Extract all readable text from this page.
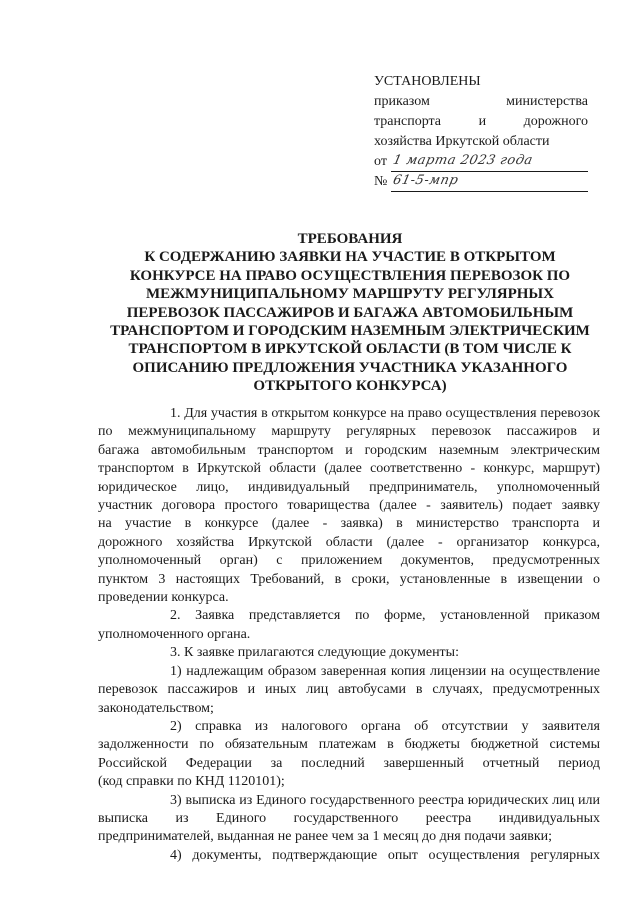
УСТАНОВЛЕНЫ
приказом министерства
транспорта и дорожного
хозяйства Иркутской области
от 1 марта 2023 года
№ 61-5-мпр
ТРЕБОВАНИЯ
К СОДЕРЖАНИЮ ЗАЯВКИ НА УЧАСТИЕ В ОТКРЫТОМ
КОНКУРСЕ НА ПРАВО ОСУЩЕСТВЛЕНИЯ ПЕРЕВОЗОК ПО
МЕЖМУНИЦИПАЛЬНОМУ МАРШРУТУ РЕГУЛЯРНЫХ
ПЕРЕВОЗОК ПАССАЖИРОВ И БАГАЖА АВТОМОБИЛЬНЫМ
ТРАНСПОРТОМ И ГОРОДСКИМ НАЗЕМНЫМ ЭЛЕКТРИЧЕСКИМ
ТРАНСПОРТОМ В ИРКУТСКОЙ ОБЛАСТИ (В ТОМ ЧИСЛЕ К
ОПИСАНИЮ ПРЕДЛОЖЕНИЯ УЧАСТНИКА УКАЗАННОГО
ОТКРЫТОГО КОНКУРСА)
1. Для участия в открытом конкурсе на право осуществления перевозок
по межмуниципальному маршруту регулярных перевозок пассажиров и
багажа автомобильным транспортом и городским наземным электрическим
транспортом в Иркутской области (далее соответственно - конкурс, маршрут)
юридическое лицо, индивидуальный предприниматель, уполномоченный
участник договора простого товарищества (далее - заявитель) подает заявку
на участие в конкурсе (далее - заявка) в министерство транспорта и
дорожного хозяйства Иркутской области (далее - организатор конкурса,
уполномоченный орган) с приложением документов, предусмотренных
пунктом 3 настоящих Требований, в сроки, установленные в извещении о
проведении конкурса.
2. Заявка представляется по форме, установленной приказом
уполномоченного органа.
3. К заявке прилагаются следующие документы:
1) надлежащим образом заверенная копия лицензии на осуществление
перевозок пассажиров и иных лиц автобусами в случаях, предусмотренных
законодательством;
2) справка из налогового органа об отсутствии у заявителя
задолженности по обязательным платежам в бюджеты бюджетной системы
Российской Федерации за последний завершенный отчетный период
(код справки по КНД 1120101);
3) выписка из Единого государственного реестра юридических лиц или
выписка из Единого государственного реестра индивидуальных
предпринимателей, выданная не ранее чем за 1 месяц до дня подачи заявки;
4) документы, подтверждающие опыт осуществления регулярных
